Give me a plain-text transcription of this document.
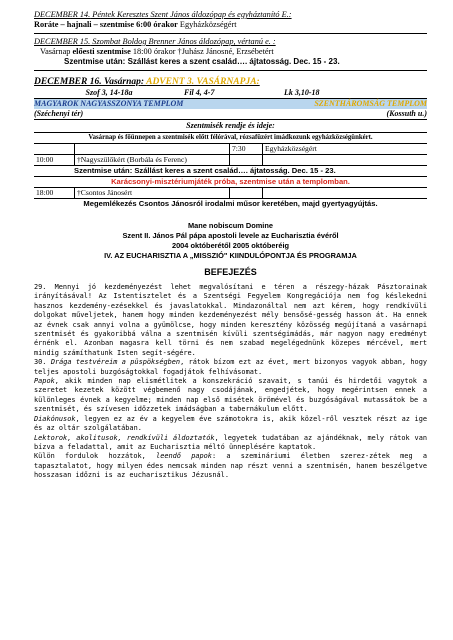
DECEMBER 14. Péntek Keresztes Szent János áldozópap és egyháztanító E.:
Roráte – hajnali – szentmise 6:00 órakor Egyházközségért
DECEMBER 15. Szombat Boldog Brenner János áldozópap, vértanú e. :
Vasárnap előesti szentmise 18:00 órakor †Juhász Jánosné, Erzsébetért
Szentmise után: Szállást keres a szent család…. ájtatosság. Dec. 15 - 23.
DECEMBER 16. Vasárnap: ADVENT 3. VASÁRNAPJA:
Szof 3, 14-18a	Fil 4, 4-7	Lk 3,10-18
MAGYAROK NAGYASSZONYA TEMPLOM	SZENTHÁROMSÁG TEMPLOM
(Széchenyi tér)	(Kossuth u.)
Szentmisék rendje és ideje:
Vasárnap és főünnepen a szentmisék előtt félórával, rózsafüzért imádkozunk egyházközségünkért.
		7:30	Egyházközségért
10:00	†Nagyszülőkért (Borbála és Ferenc)		
Szentmise után: Szállást keres a szent család…. ájtatosság. Dec. 15 - 23.			
Karácsonyi-misztériumjáték próba, szentmise után a templomban.			
18:00	†Csontos Jánosért		
Megemlékezés Csontos Jánosról irodalmi műsor keretében, majd gyertyagyújtás.			
Mane nobiscum Domine
Szent II. János Pál pápa apostoli levele az Eucharisztia évéről
2004 októberétől 2005 októberéig
IV. AZ EUCHARISZTIA A „MISSZIÓ" KIINDULÓPONTJA ÉS PROGRAMJA
BEFEJEZÉS

29. Mennyi jó kezdeményezést lehet megvalósítani e téren a részegy-házak Pásztorainak irányításával! Az Istentisztelet és a Szentségi Fegyelem Kongregációja nem fog késlekedni hasznos kezdemény-ezésekkel és javaslatokkal. Mindazonáltal nem azt kérem, hogy rendkívüli dolgokat műveljetek, hanem hogy minden kezdeményezést mély bensősé-gesség hasson át. Ha ennek az évnek csak annyi volna a gyümölcse, hogy minden keresztény közösség megújítaná a vasárnapi szentmisét és gyakoribbá válna a szentmisén kívüli szentségimádás, már nagyon nagy eredményt érnénk el. Azonban magasra kell törni és nem szabad megelégednünk közepes mércével, mert mindig számíthatunk Isten segít-ségére.

30. Drága testvéreim a püspökségben, rátok bízom ezt az évet, mert bizonyos vagyok abban, hogy teljes apostoli buzgóságtokkal fogadjátok felhívásomat.

Papok, akik minden nap elismétlitek a konszekráció szavait, s tanúi és hirdetői vagytok a szeretet kezetek között végbemenő nagy csodájának, engedjétek, hogy megérintsen ennek a különleges évnek a kegyelme; minden nap első misétek örömével és buzgóságával mutassátok be a szentmisét, és szívesen időzzetek imádságban a tabernákulum előtt.

Diakónusok, legyen ez az év a kegyelem éve számotokra is, akik közel-ről vesztek részt az ige és az oltár szolgálatában.

Lektorok, akolitusok, rendkívüli áldoztatók, legyetek tudatában az ajándéknak, mely rátok van bízva a feladattal, amit az Eucharisztia méltó ünneplésére kaptatok.

Külön fordulok hozzátok, leendő papok: a szemináriumi életben szerez-zétek meg a tapasztalatot, hogy milyen édes nemcsak minden nap részt venni a szentmisén, hanem beszélgetve hosszasan időzni is az eucharisztikus Jézusnál.
